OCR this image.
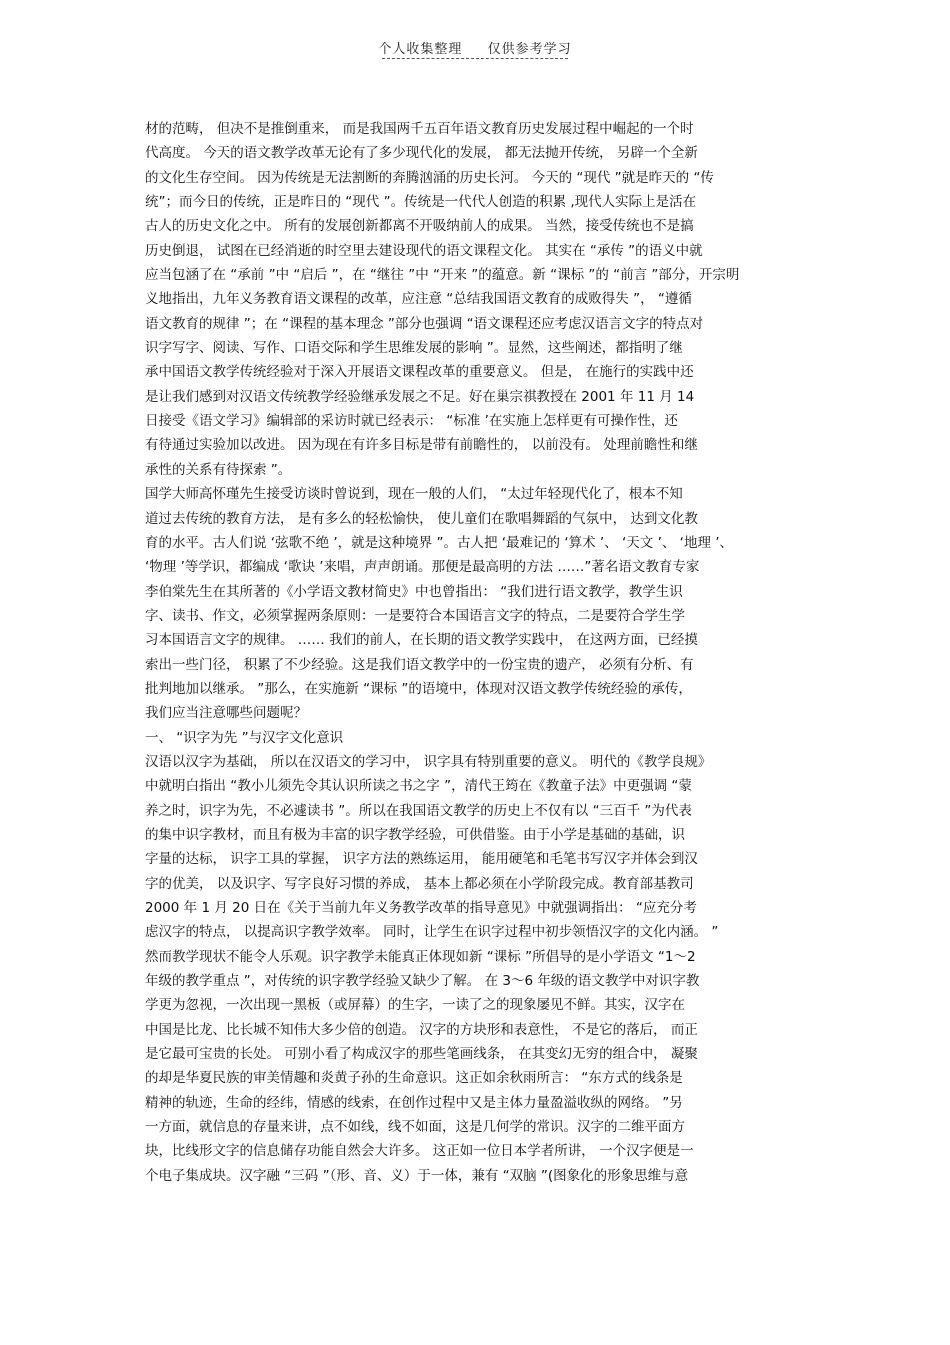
个人收集整理 仅供参考学习
材的范畴， 但决不是推倒重来， 而是我国两千五百年语文教育历史发展过程中崛起的一个时
代高度。 今天的语文教学改革无论有了多少现代化的发展， 都无法抛开传统， 另辟一个全新
的文化生存空间。 因为传统是无法割断的奔腾汹涌的历史长河。 今天的 “现代 ”就是昨天的 “传
统”；而今日的传统，正是昨日的 “现代 ”。传统是一代代人创造的积累 ,现代人实际上是活在
古人的历史文化之中。 所有的发展创新都离不开吸纳前人的成果。 当然，接受传统也不是搞
历史倒退， 试图在已经消逝的时空里去建设现代的语文课程文化。 其实在 “承传 ”的语义中就
应当包涵了在 “承前 ”中 “启后 ”，在 “继往 ”中 “开来 ”的蕴意。新 “课标 ”的 “前言 ”部分，开宗明
义地指出，九年义务教育语文课程的改革，应注意 “总结我国语文教育的成败得失 ”， “遵循
语文教育的规律 ”；在 “课程的基本理念 ”部分也强调 “语文课程还应考虑汉语言文字的特点对
识字写字、阅读、写作、口语交际和学生思维发展的影响 ”。显然，这些阐述，都指明了继
承中国语文教学传统经验对于深入开展语文课程改革的重要意义。 但是， 在施行的实践中还
是让我们感到对汉语文传统教学经验继承发展之不足。好在巢宗祺教授在 2001 年 11 月 14
日接受《语文学习》编辑部的采访时就已经表示： “标准 ’在实施上怎样更有可操作性，还
有待通过实验加以改进。 因为现在有许多目标是带有前瞻性的， 以前没有。 处理前瞻性和继
承性的关系有待探索 ”。
国学大师高怀瑾先生接受访谈时曾说到，现在一般的人们， “太过年轻现代化了，根本不知
道过去传统的教育方法， 是有多么的轻松愉快， 使儿童们在歌唱舞蹈的气氛中， 达到文化教
育的水平。古人们说 ‘弦歌不绝 ’，就是这种境界 ”。古人把 ‘最难记的 ‘算术 ’、 ‘天文 ’、 ‘地理 ’、
‘物理 ’等学识，都编成 ‘歌诀 ’来唱，声声朗诵。那便是最高明的方法 ……”著名语文教育专家
李伯棠先生在其所著的《小学语文教材简史》中也曾指出： “我们进行语文教学，教学生识
字、读书、作文，必须掌握两条原则：一是要符合本国语言文字的特点，二是要符合学生学
习本国语言文字的规律。 …… 我们的前人，在长期的语文教学实践中， 在这两方面，已经摸
索出一些门径， 积累了不少经验。这是我们语文教学中的一份宝贵的遗产， 必须有分析、有
批判地加以继承。 ”那么，在实施新 “课标 ”的语境中，体现对汉语文教学传统经验的承传，
我们应当注意哪些问题呢？
一、 “识字为先 ”与汉字文化意识
汉语以汉字为基础， 所以在汉语文的学习中， 识字具有特别重要的意义。 明代的《教学良规》
中就明白指出 “教小儿须先令其认识所读之书之字 ”，清代王筠在《教童子法》中更强调 “蒙
养之时，识字为先，不必遽读书 ”。所以在我国语文教学的历史上不仅有以 “三百千 ”为代表
的集中识字教材，而且有极为丰富的识字教学经验，可供借鉴。由于小学是基础的基础，识
字量的达标， 识字工具的掌握， 识字方法的熟练运用， 能用硬笔和毛笔书写汉字并体会到汉
字的优美， 以及识字、写字良好习惯的养成， 基本上都必须在小学阶段完成。教育部基教司
2000 年 1 月 20 日在《关于当前九年义务教学改革的指导意见》中就强调指出： “应充分考
虑汉字的特点， 以提高识字教学效率。 同时，让学生在识字过程中初步领悟汉字的文化内涵。 ”
然而教学现状不能令人乐观。识字教学未能真正体现如新 “课标 ”所倡导的是小学语文 “1～2
年级的教学重点 ”，对传统的识字教学经验又缺少了解。 在 3～6 年级的语文教学中对识字教
学更为忽视，一次出现一黑板（或屏幕）的生字，一读了之的现象屡见不鲜。其实，汉字在
中国是比龙、比长城不知伟大多少倍的创造。 汉字的方块形和表意性， 不是它的落后， 而正
是它最可宝贵的长处。 可别小看了构成汉字的那些笔画线条， 在其变幻无穷的组合中， 凝聚
的却是华夏民族的审美情趣和炎黄子孙的生命意识。这正如余秋雨所言： “东方式的线条是
精神的轨迹，生命的经纬，情感的线索，在创作过程中又是主体力量盈溢收纵的网络。 ”另
一方面，就信息的存量来讲，点不如线，线不如面，这是几何学的常识。汉字的二维平面方
块，比线形文字的信息储存功能自然会大许多。 这正如一位日本学者所讲， 一个汉字便是一
个电子集成块。汉字融 “三码 ”（形、音、义）于一体，兼有 “双脑 ”(图象化的形象思维与意
